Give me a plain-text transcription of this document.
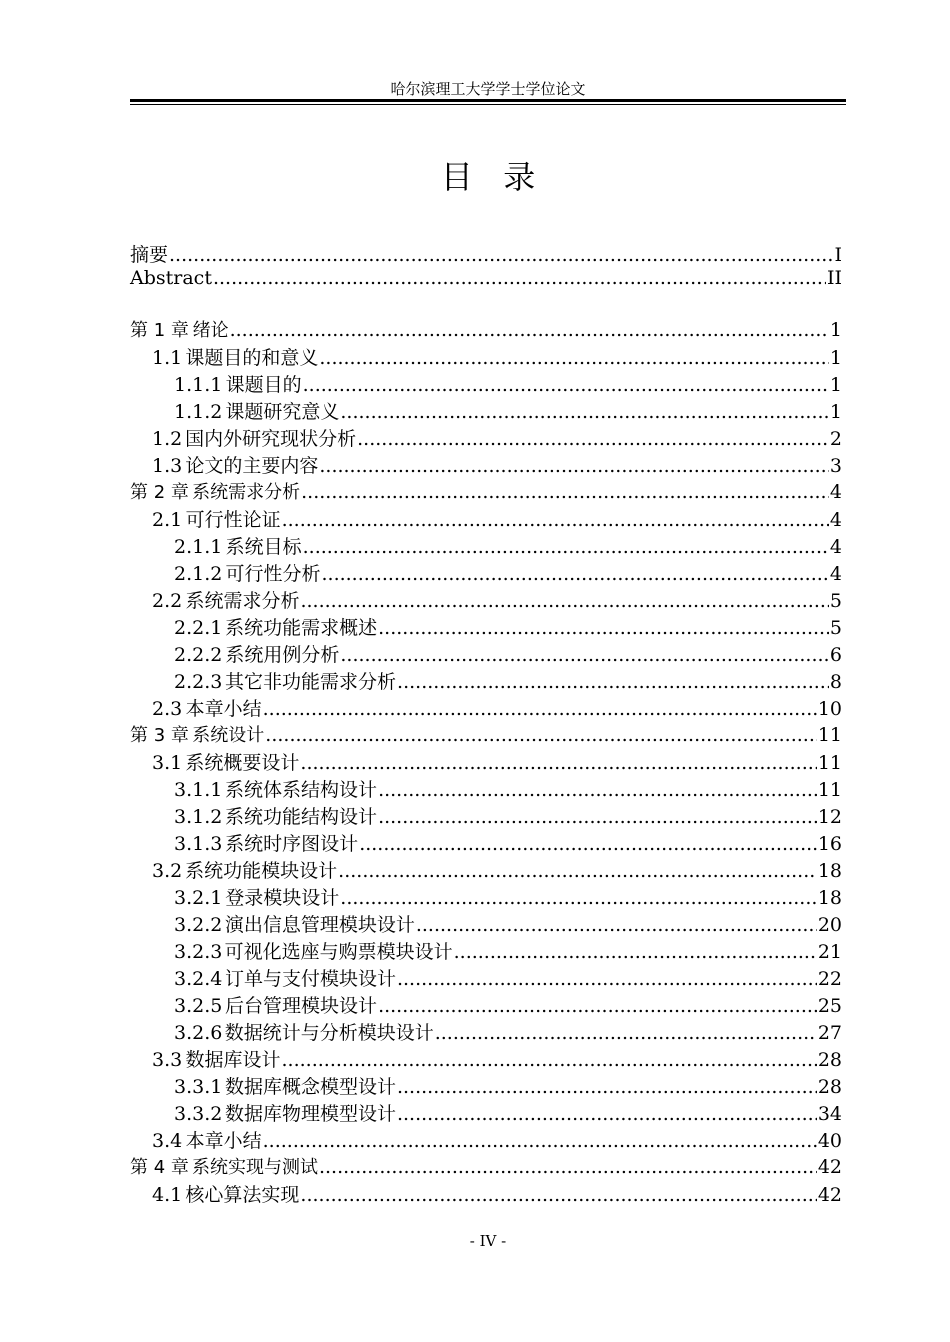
哈尔滨理工大学学士学位论文
目   录
摘要 .....	I
Abstract .....	II
第 1 章 绪论 .....	1
1.1 课题目的和意义 .....	1
1.1.1 课题目的 .....	1
1.1.2 课题研究意义 .....	1
1.2 国内外研究现状分析 .....	2
1.3 论文的主要内容 .....	3
第 2 章 系统需求分析 .....	4
2.1 可行性论证 .....	4
2.1.1 系统目标 .....	4
2.1.2 可行性分析 .....	4
2.2 系统需求分析 .....	5
2.2.1 系统功能需求概述 .....	5
2.2.2 系统用例分析 .....	6
2.2.3 其它非功能需求分析 .....	8
2.3 本章小结 .....	10
第 3 章 系统设计 .....	11
3.1 系统概要设计 .....	11
3.1.1 系统体系结构设计 .....	11
3.1.2 系统功能结构设计 .....	12
3.1.3 系统时序图设计 .....	16
3.2 系统功能模块设计 .....	18
3.2.1 登录模块设计 .....	18
3.2.2 演出信息管理模块设计 .....	20
3.2.3 可视化选座与购票模块设计 .....	21
3.2.4 订单与支付模块设计 .....	22
3.2.5 后台管理模块设计 .....	25
3.2.6 数据统计与分析模块设计 .....	27
3.3 数据库设计 .....	28
3.3.1 数据库概念模型设计 .....	28
3.3.2 数据库物理模型设计 .....	34
3.4 本章小结 .....	40
第 4 章 系统实现与测试 .....	42
4.1 核心算法实现 .....	42
- IV -
